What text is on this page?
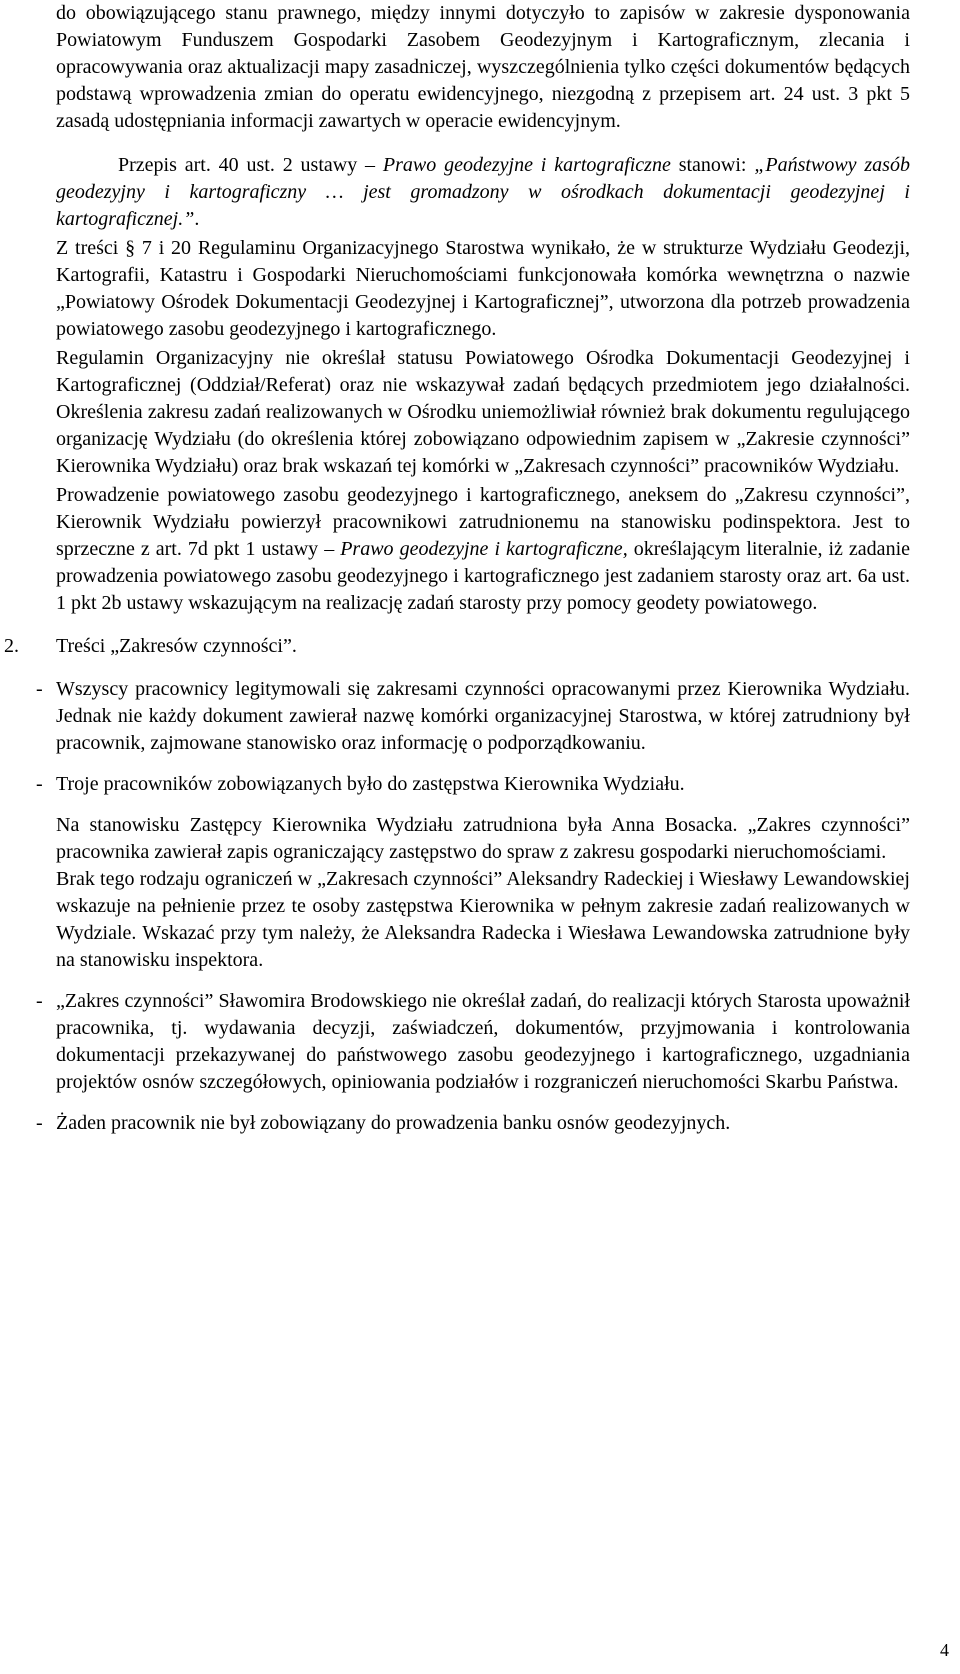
do obowiązującego stanu prawnego, między innymi dotyczyło to zapisów w zakresie dysponowania Powiatowym Funduszem Gospodarki Zasobem Geodezyjnym i Kartograficznym, zlecania i opracowywania oraz aktualizacji mapy zasadniczej, wyszczególnienia tylko części dokumentów będących podstawą wprowadzenia zmian do operatu ewidencyjnego, niezgodną z przepisem art. 24 ust. 3 pkt 5 zasadą udostępniania informacji zawartych w operacie ewidencyjnym.

Przepis art. 40 ust. 2 ustawy – Prawo geodezyjne i kartograficzne stanowi: „Państwowy zasób geodezyjny i kartograficzny … jest gromadzony w ośrodkach dokumentacji geodezyjnej i kartograficznej.”.

Z treści § 7 i 20 Regulaminu Organizacyjnego Starostwa wynikało, że w strukturze Wydziału Geodezji, Kartografii, Katastru i Gospodarki Nieruchomościami funkcjonowała komórka wewnętrzna o nazwie „Powiatowy Ośrodek Dokumentacji Geodezyjnej i Kartograficznej”, utworzona dla potrzeb prowadzenia powiatowego zasobu geodezyjnego i kartograficznego.

Regulamin Organizacyjny nie określał statusu Powiatowego Ośrodka Dokumentacji Geodezyjnej i Kartograficznej (Oddział/Referat) oraz nie wskazywał zadań będących przedmiotem jego działalności. Określenia zakresu zadań realizowanych w Ośrodku uniemożliwiał również brak dokumentu regulującego organizację Wydziału (do określenia której zobowiązano odpowiednim zapisem w „Zakresie czynności” Kierownika Wydziału) oraz brak wskazań tej komórki w „Zakresach czynności” pracowników Wydziału.

Prowadzenie powiatowego zasobu geodezyjnego i kartograficznego, aneksem do „Zakresu czynności”, Kierownik Wydziału powierzył pracownikowi zatrudnionemu na stanowisku podinspektora. Jest to sprzeczne z art. 7d pkt 1 ustawy – Prawo geodezyjne i kartograficzne, określającym literalnie, iż zadanie prowadzenia powiatowego zasobu geodezyjnego i kartograficznego jest zadaniem starosty oraz art. 6a ust. 1 pkt 2b ustawy wskazującym na realizację zadań starosty przy pomocy geodety powiatowego.

2.	Treści „Zakresów czynności”.
- Wszyscy pracownicy legitymowali się zakresami czynności opracowanymi przez Kierownika Wydziału. Jednak nie każdy dokument zawierał nazwę komórki organizacyjnej Starostwa, w której zatrudniony był pracownik, zajmowane stanowisko oraz informację o podporządkowaniu.

- Troje pracowników zobowiązanych było do zastępstwa Kierownika Wydziału.

Na stanowisku Zastępcy Kierownika Wydziału zatrudniona była Anna Bosacka. „Zakres czynności” pracownika zawierał zapis ograniczający zastępstwo do spraw z zakresu gospodarki nieruchomościami.

Brak tego rodzaju ograniczeń w „Zakresach czynności” Aleksandry Radeckiej i Wiesławy Lewandowskiej wskazuje na pełnienie przez te osoby zastępstwa Kierownika w pełnym zakresie zadań realizowanych w Wydziale. Wskazać przy tym należy, że Aleksandra Radecka i Wiesława Lewandowska zatrudnione były na stanowisku inspektora.

- „Zakres czynności” Sławomira Brodowskiego nie określał zadań, do realizacji których Starosta upoważnił pracownika, tj. wydawania decyzji, zaświadczeń, dokumentów, przyjmowania i kontrolowania dokumentacji przekazywanej do państwowego zasobu geodezyjnego i kartograficznego, uzgadniania projektów osnów szczegółowych, opiniowania podziałów i rozgraniczeń nieruchomości Skarbu Państwa.

- Żaden pracownik nie był zobowiązany do prowadzenia banku osnów geodezyjnych.

4
